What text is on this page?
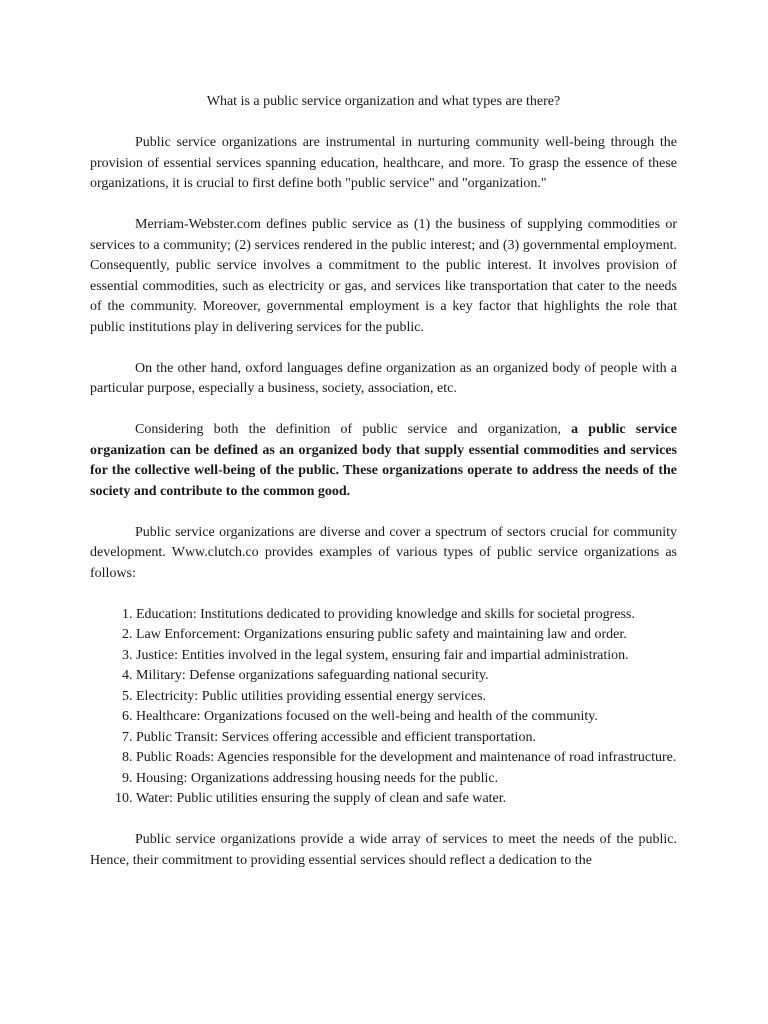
What is a public service organization and what types are there?

Public service organizations are instrumental in nurturing community well-being through the provision of essential services spanning education, healthcare, and more. To grasp the essence of these organizations, it is crucial to first define both "public service" and "organization."

Merriam-Webster.com defines public service as (1) the business of supplying commodities or services to a community; (2) services rendered in the public interest; and (3) governmental employment. Consequently, public service involves a commitment to the public interest. It involves provision of essential commodities, such as electricity or gas, and services like transportation that cater to the needs of the community. Moreover, governmental employment is a key factor that highlights the role that public institutions play in delivering services for the public.

On the other hand, oxford languages define organization as an organized body of people with a particular purpose, especially a business, society, association, etc.

Considering both the definition of public service and organization, a public service organization can be defined as an organized body that supply essential commodities and services for the collective well-being of the public. These organizations operate to address the needs of the society and contribute to the common good.

Public service organizations are diverse and cover a spectrum of sectors crucial for community development. Www.clutch.co provides examples of various types of public service organizations as follows:

1. Education: Institutions dedicated to providing knowledge and skills for societal progress.
2. Law Enforcement: Organizations ensuring public safety and maintaining law and order.
3. Justice: Entities involved in the legal system, ensuring fair and impartial administration.
4. Military: Defense organizations safeguarding national security.
5. Electricity: Public utilities providing essential energy services.
6. Healthcare: Organizations focused on the well-being and health of the community.
7. Public Transit: Services offering accessible and efficient transportation.
8. Public Roads: Agencies responsible for the development and maintenance of road infrastructure.
9. Housing: Organizations addressing housing needs for the public.
10. Water: Public utilities ensuring the supply of clean and safe water.

Public service organizations provide a wide array of services to meet the needs of the public. Hence, their commitment to providing essential services should reflect a dedication to the
